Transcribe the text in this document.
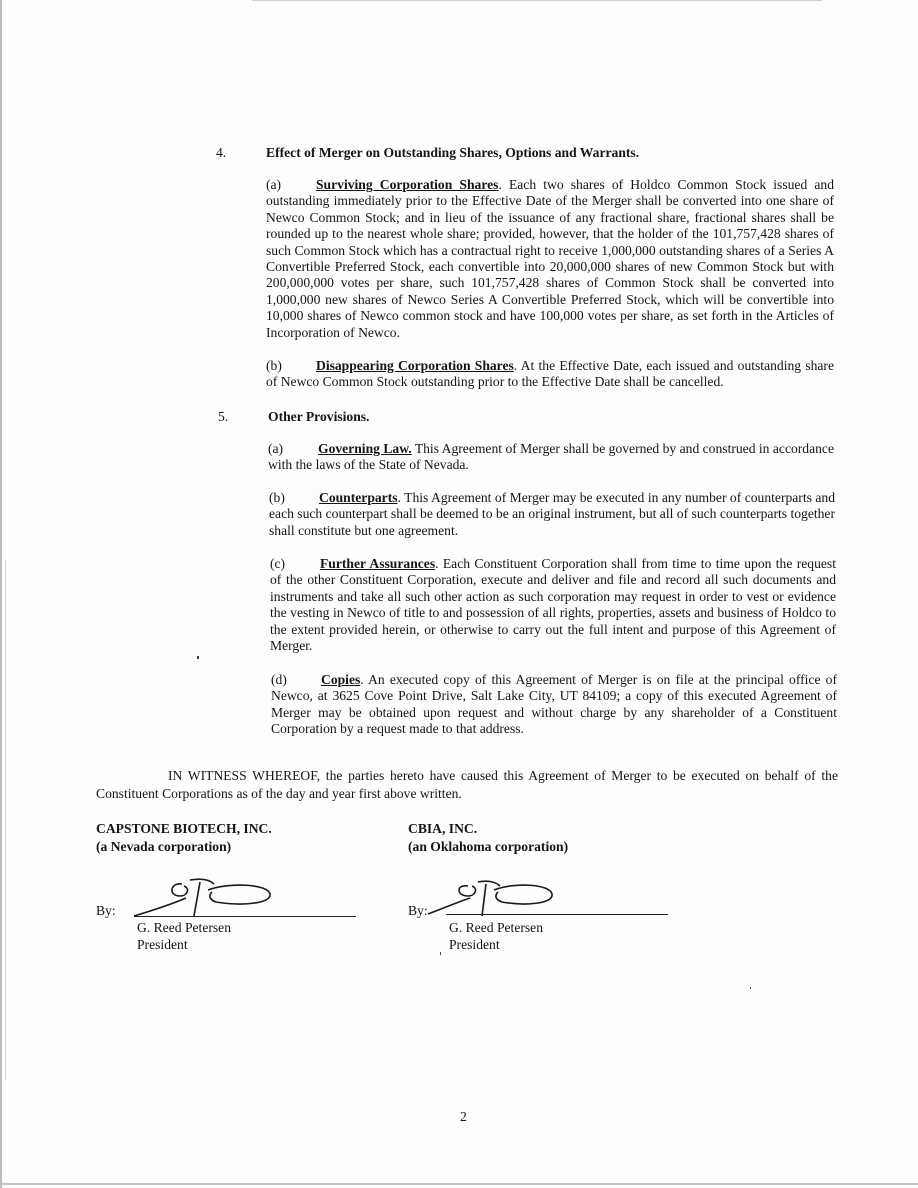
4.	Effect of Merger on Outstanding Shares, Options and Warrants.

(a)	Surviving Corporation Shares. Each two shares of Holdco Common Stock issued and outstanding immediately prior to the Effective Date of the Merger shall be converted into one share of Newco Common Stock; and in lieu of the issuance of any fractional share, fractional shares shall be rounded up to the nearest whole share; provided, however, that the holder of the 101,757,428 shares of such Common Stock which has a contractual right to receive 1,000,000 outstanding shares of a Series A Convertible Preferred Stock, each convertible into 20,000,000 shares of new Common Stock but with 200,000,000 votes per share, such 101,757,428 shares of Common Stock shall be converted into 1,000,000 new shares of Newco Series A Convertible Preferred Stock, which will be convertible into 10,000 shares of Newco common stock and have 100,000 votes per share, as set forth in the Articles of Incorporation of Newco.

(b)	Disappearing Corporation Shares. At the Effective Date, each issued and outstanding share of Newco Common Stock outstanding prior to the Effective Date shall be cancelled.

5.	Other Provisions.

(a)	Governing Law. This Agreement of Merger shall be governed by and construed in accordance with the laws of the State of Nevada.

(b)	Counterparts. This Agreement of Merger may be executed in any number of counterparts and each such counterpart shall be deemed to be an original instrument, but all of such counterparts together shall constitute but one agreement.

(c)	Further Assurances. Each Constituent Corporation shall from time to time upon the request of the other Constituent Corporation, execute and deliver and file and record all such documents and instruments and take all such other action as such corporation may request in order to vest or evidence the vesting in Newco of title to and possession of all rights, properties, assets and business of Holdco to the extent provided herein, or otherwise to carry out the full intent and purpose of this Agreement of Merger.

(d)	Copies. An executed copy of this Agreement of Merger is on file at the principal office of Newco, at 3625 Cove Point Drive, Salt Lake City, UT 84109; a copy of this executed Agreement of Merger may be obtained upon request and without charge by any shareholder of a Constituent Corporation by a request made to that address.

IN WITNESS WHEREOF, the parties hereto have caused this Agreement of Merger to be executed on behalf of the Constituent Corporations as of the day and year first above written.
CAPSTONE BIOTECH, INC.
(a Nevada corporation)
By:
G. Reed Petersen
President
CBIA, INC.
(an Oklahoma corporation)
By:
G. Reed Petersen
President
2
